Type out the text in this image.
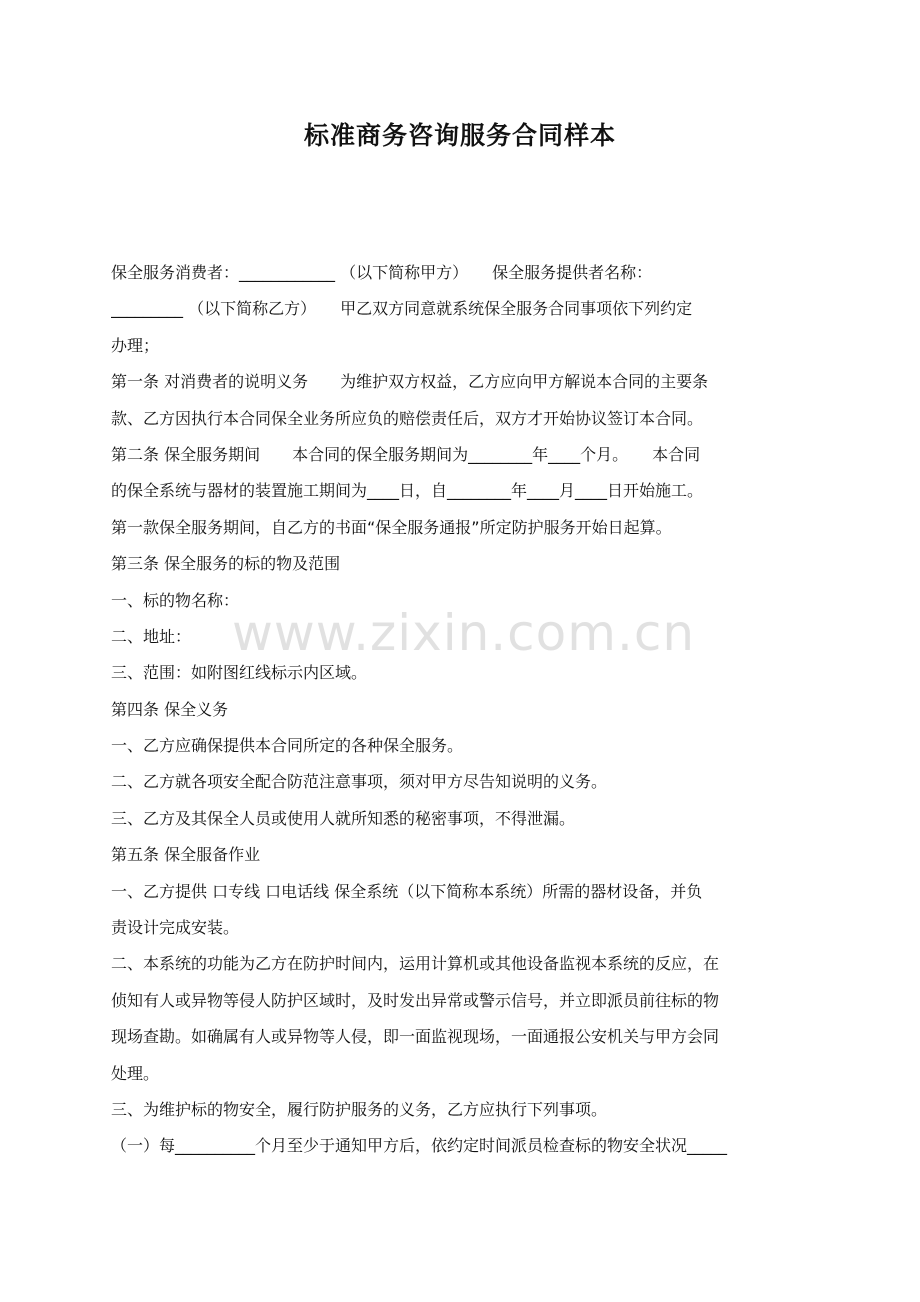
标准商务咨询服务合同样本
www.zixin.com.cn
保全服务消费者：____________ （以下简称甲方）　　保全服务提供者名称：
_________ （以下简称乙方）　　甲乙双方同意就系统保全服务合同事项依下列约定
办理；
第一条 对消费者的说明义务　　为维护双方权益，乙方应向甲方解说本合同的主要条
款、乙方因执行本合同保全业务所应负的赔偿责任后，双方才开始协议签订本合同。
第二条 保全服务期间　　本合同的保全服务期间为________年____个月。　　本合同
的保全系统与器材的装置施工期间为____日，自________年____月____日开始施工。
第一款保全服务期间，自乙方的书面“保全服务通报”所定防护服务开始日起算。
第三条 保全服务的标的物及范围
一、标的物名称：
二、地址：
三、范围：如附图红线标示内区域。
第四条 保全义务
一、乙方应确保提供本合同所定的各种保全服务。
二、乙方就各项安全配合防范注意事项，须对甲方尽告知说明的义务。
三、乙方及其保全人员或使用人就所知悉的秘密事项，不得泄漏。
第五条 保全服备作业
一、乙方提供 口专线 口电话线 保全系统（以下简称本系统）所需的器材设备，并负
责设计完成安装。
二、本系统的功能为乙方在防护时间内，运用计算机或其他设备监视本系统的反应，在
侦知有人或异物等侵人防护区域时，及时发出异常或警示信号，并立即派员前往标的物
现场查勘。如确属有人或异物等人侵，即一面监视现场，一面通报公安机关与甲方会同
处理。
三、为维护标的物安全，履行防护服务的义务，乙方应执行下列事项。
（一）每__________个月至少于通知甲方后，依约定时间派员检查标的物安全状况_____
